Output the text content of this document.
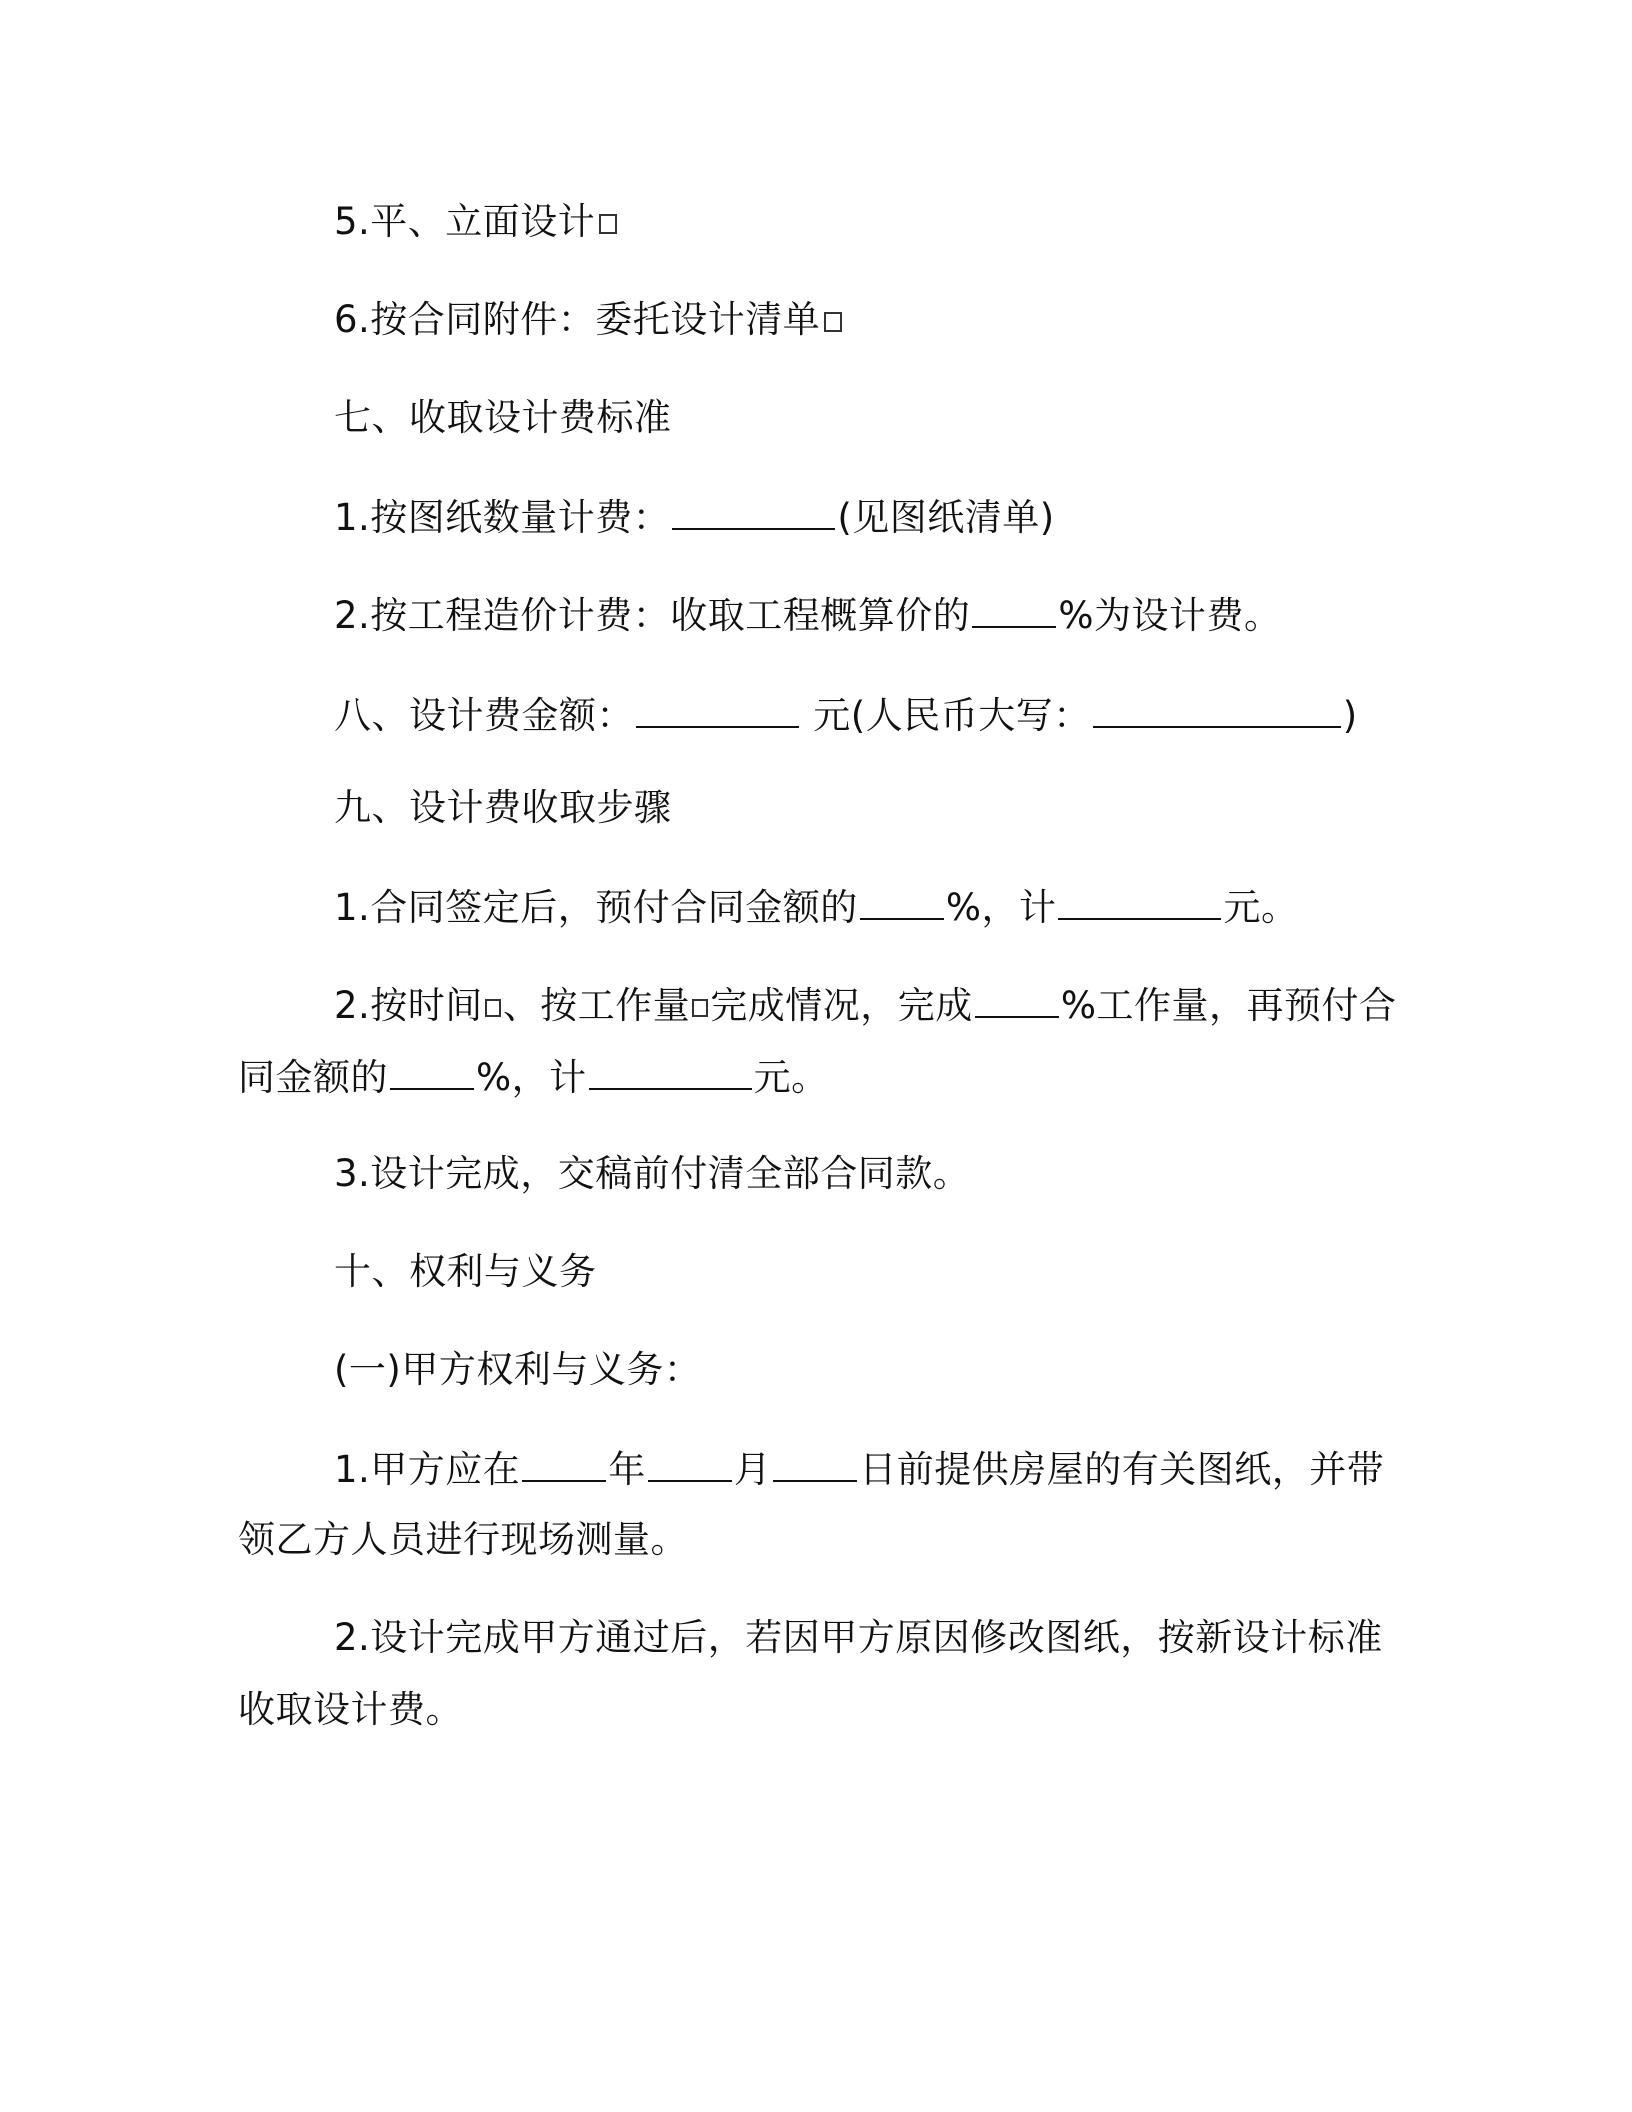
5.平、立面设计
6.按合同附件：委托设计清单
七、收取设计费标准
1.按图纸数量计费：	(见图纸清单)
2.按工程造价计费：收取工程概算价的 %为设计费。
八、设计费金额：	元(人民币大写：	)
九、设计费收取步骤
1.合同签定后，预付合同金额的 %，计	元。
2.按时间 、按工作量 完成情况，完成 %工作量，再预付合
同金额的 %，计	元。
3.设计完成，交稿前付清全部合同款。
十、权利与义务
(一)甲方权利与义务：
1.甲方应在 年 月 日前提供房屋的有关图纸，并带
领乙方人员进行现场测量。
2.设计完成甲方通过后，若因甲方原因修改图纸，按新设计标准
收取设计费。
